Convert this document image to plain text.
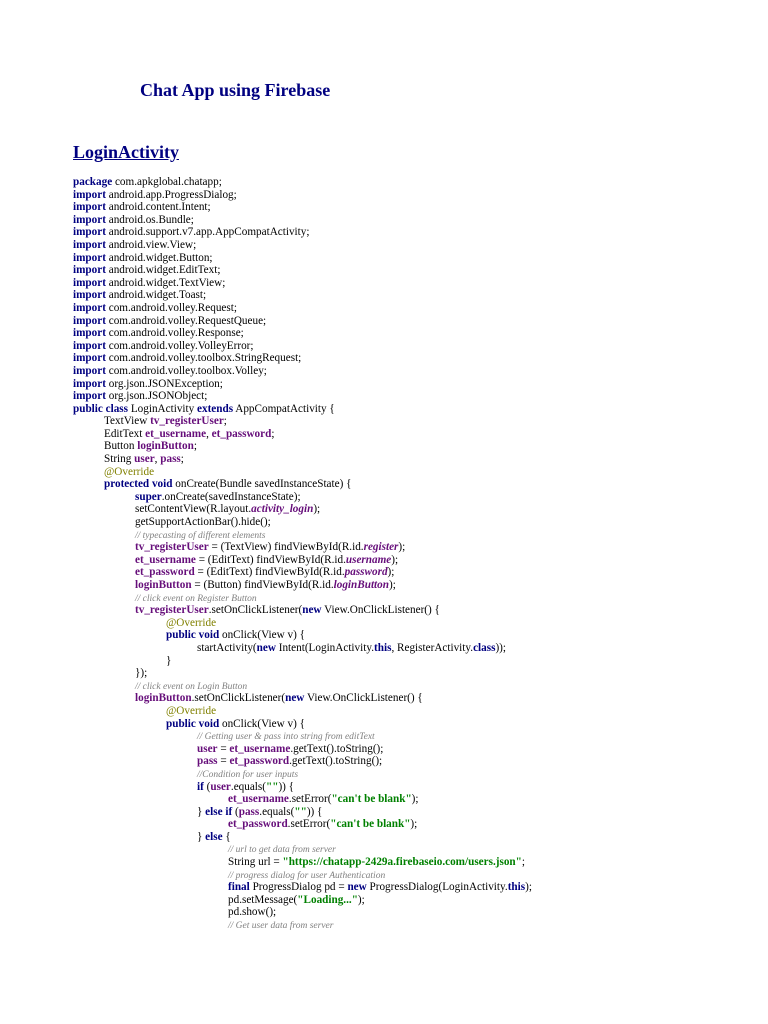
Chat App using Firebase
LoginActivity
package com.apkglobal.chatapp;
import android.app.ProgressDialog;
import android.content.Intent;
import android.os.Bundle;
import android.support.v7.app.AppCompatActivity;
import android.view.View;
import android.widget.Button;
import android.widget.EditText;
import android.widget.TextView;
import android.widget.Toast;
import com.android.volley.Request;
import com.android.volley.RequestQueue;
import com.android.volley.Response;
import com.android.volley.VolleyError;
import com.android.volley.toolbox.StringRequest;
import com.android.volley.toolbox.Volley;
import org.json.JSONException;
import org.json.JSONObject;
public class LoginActivity extends AppCompatActivity {
TextView tv_registerUser;
EditText et_username, et_password;
Button loginButton;
String user, pass;
@Override
protected void onCreate(Bundle savedInstanceState) {
super.onCreate(savedInstanceState);
setContentView(R.layout.activity_login);
getSupportActionBar().hide();
// typecasting of different elements
tv_registerUser = (TextView) findViewById(R.id.register);
et_username = (EditText) findViewById(R.id.username);
et_password = (EditText) findViewById(R.id.password);
loginButton = (Button) findViewById(R.id.loginButton);
// click event on Register Button
tv_registerUser.setOnClickListener(new View.OnClickListener() {
@Override
public void onClick(View v) {
startActivity(new Intent(LoginActivity.this, RegisterActivity.class));
}
});
// click event on Login Button
loginButton.setOnClickListener(new View.OnClickListener() {
@Override
public void onClick(View v) {
// Getting user & pass into string from editText
user = et_username.getText().toString();
pass = et_password.getText().toString();
//Condition for user inputs
if (user.equals("")) {
et_username.setError("can't be blank");
} else if (pass.equals("")) {
et_password.setError("can't be blank");
} else {
// url to get data from server
String url = "https://chatapp-2429a.firebaseio.com/users.json";
// progress dialog for user Authentication
final ProgressDialog pd = new ProgressDialog(LoginActivity.this);
pd.setMessage("Loading...");
pd.show();
// Get user data from server
